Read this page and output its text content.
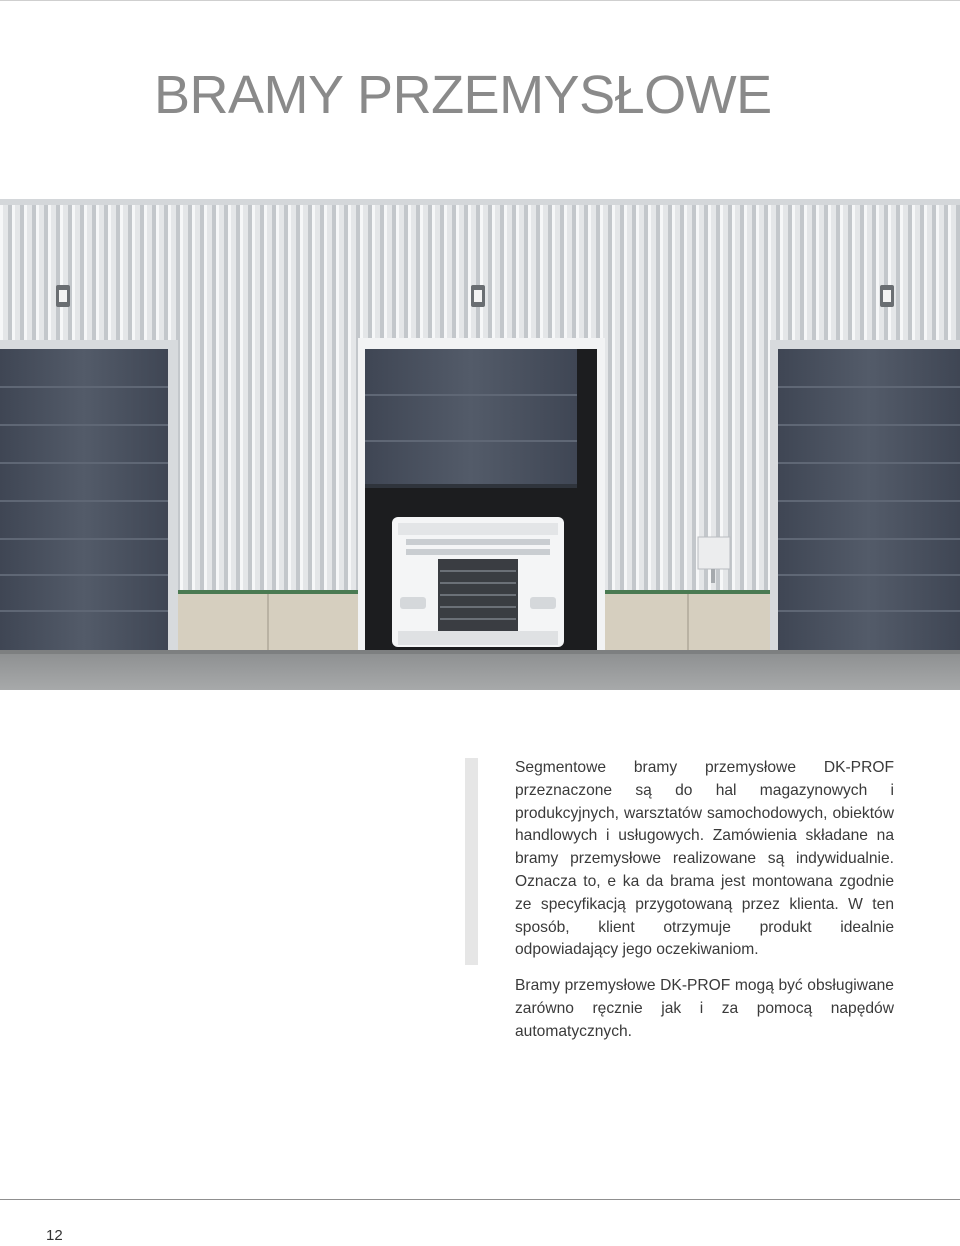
BRAMY PRZEMYSŁOWE

Segmentowe bramy przemysłowe DK-PROF przeznaczone są do hal magazynowych i produkcyjnych, warsztatów samochodowych, obiektów handlowych i usługowych. Zamówienia składane na bramy przemysłowe realizowane są indywidualnie. Oznacza to, e ka da brama jest montowana zgodnie ze specyfikacją przygotowaną przez klienta. W ten sposób, klient otrzymuje produkt idealnie odpowiadający jego oczekiwaniom.

Bramy przemysłowe DK-PROF mogą być obsługiwane zarówno ręcznie jak i za pomocą napędów automatycznych.

12
